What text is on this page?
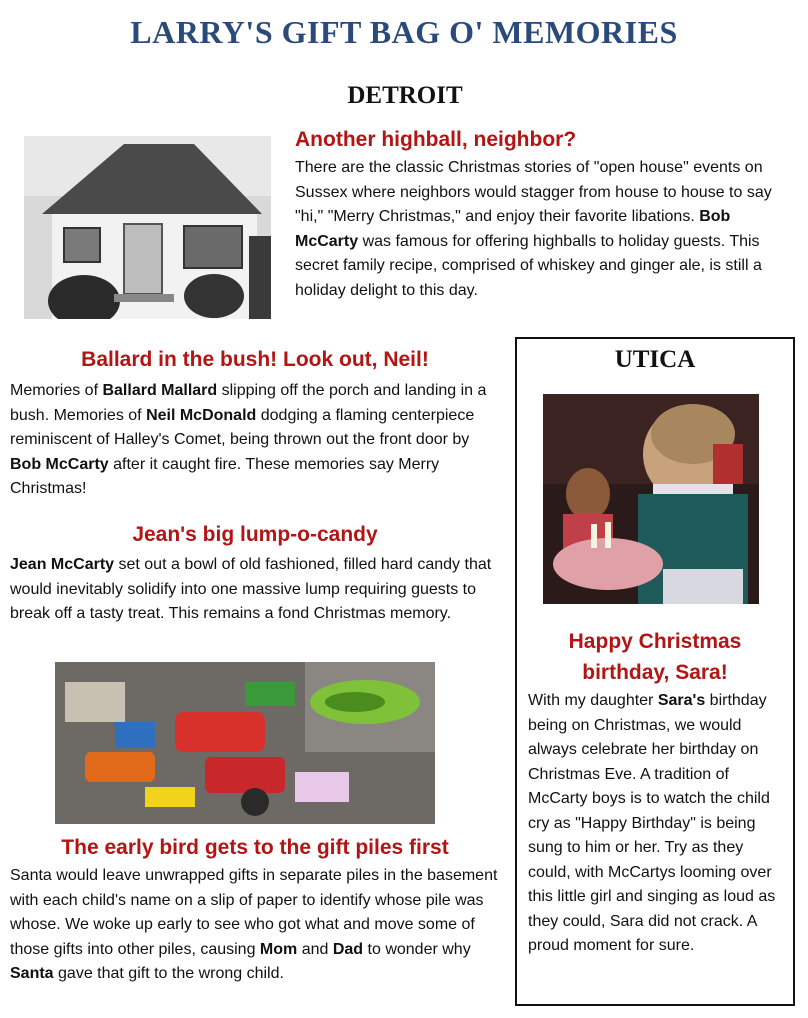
LARRY'S GIFT BAG O' MEMORIES
DETROIT
Another highball, neighbor?
There are the classic Christmas stories of "open house" events on Sussex where neighbors would stagger from house to house to say "hi," "Merry Christmas," and enjoy their favorite libations. Bob McCarty was famous for offering highballs to holiday guests. This secret family recipe, comprised of whiskey and ginger ale, is still a holiday delight to this day.
Ballard in the bush! Look out, Neil!
Memories of Ballard Mallard slipping off the porch and landing in a bush. Memories of Neil McDonald dodging a flaming centerpiece reminiscent of Halley's Comet, being thrown out the front door by Bob McCarty after it caught fire. These memories say Merry Christmas!
Jean's big lump-o-candy
Jean McCarty set out a bowl of old fashioned, filled hard candy that would inevitably solidify into one massive lump requiring guests to break off a tasty treat. This remains a fond Christmas memory.
The early bird gets to the gift piles first
Santa would leave unwrapped gifts in separate piles in the basement with each child's name on a slip of paper to identify whose pile was whose. We woke up early to see who got what and move some of those gifts into other piles, causing Mom and Dad to wonder why Santa gave that gift to the wrong child.
UTICA
Happy Christmas
birthday, Sara!
With my daughter Sara's birthday being on Christmas, we would always celebrate her birthday on Christmas Eve. A tradition of McCarty boys is to watch the child cry as "Happy Birthday" is being sung to him or her. Try as they could, with McCartys looming over this little girl and singing as loud as they could, Sara did not crack. A proud moment for sure.
